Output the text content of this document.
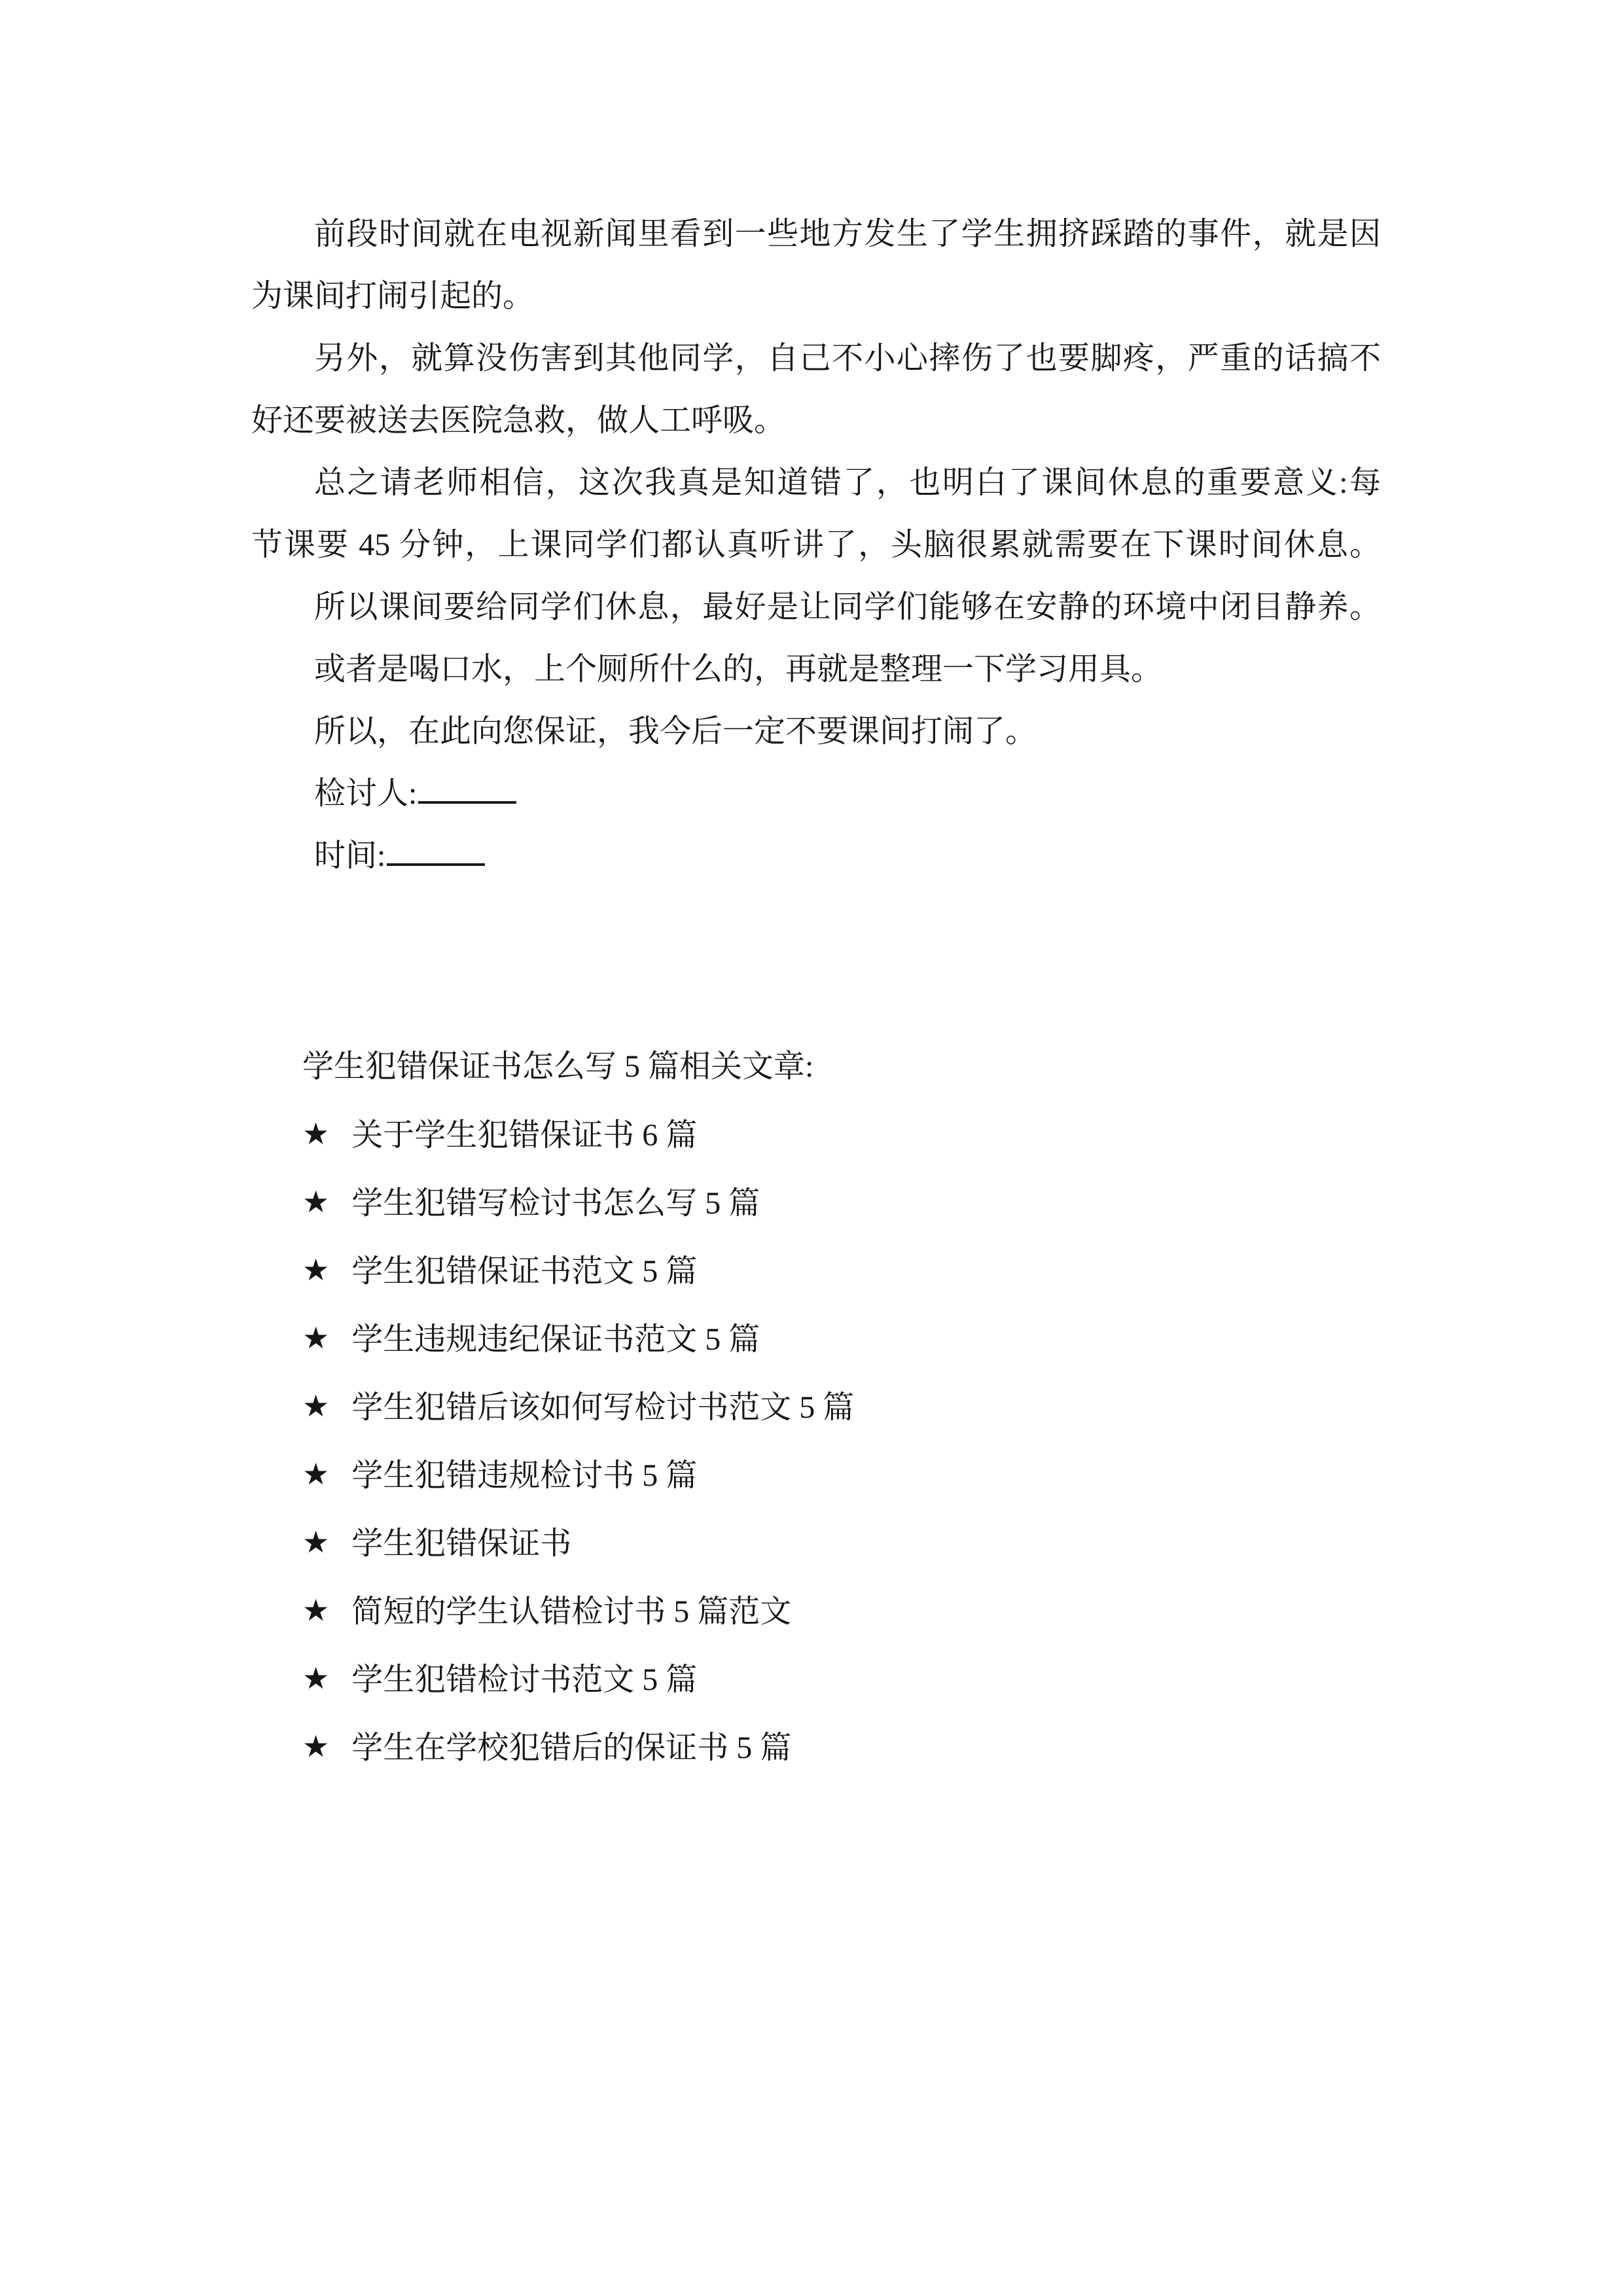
前段时间就在电视新闻里看到一些地方发生了学生拥挤踩踏的事件，就是因
为课间打闹引起的。
另外，就算没伤害到其他同学，自己不小心摔伤了也要脚疼，严重的话搞不
好还要被送去医院急救，做人工呼吸。
总之请老师相信，这次我真是知道错了，也明白了课间休息的重要意义:每
节课要 45 分钟，上课同学们都认真听讲了，头脑很累就需要在下课时间休息。
所以课间要给同学们休息，最好是让同学们能够在安静的环境中闭目静养。
或者是喝口水，上个厕所什么的，再就是整理一下学习用具。
所以，在此向您保证，我今后一定不要课间打闹了。
检讨人:
时间:
学生犯错保证书怎么写 5 篇相关文章:
★ 关于学生犯错保证书 6 篇
★ 学生犯错写检讨书怎么写 5 篇
★ 学生犯错保证书范文 5 篇
★ 学生违规违纪保证书范文 5 篇
★ 学生犯错后该如何写检讨书范文 5 篇
★ 学生犯错违规检讨书 5 篇
★ 学生犯错保证书
★ 简短的学生认错检讨书 5 篇范文
★ 学生犯错检讨书范文 5 篇
★ 学生在学校犯错后的保证书 5 篇
